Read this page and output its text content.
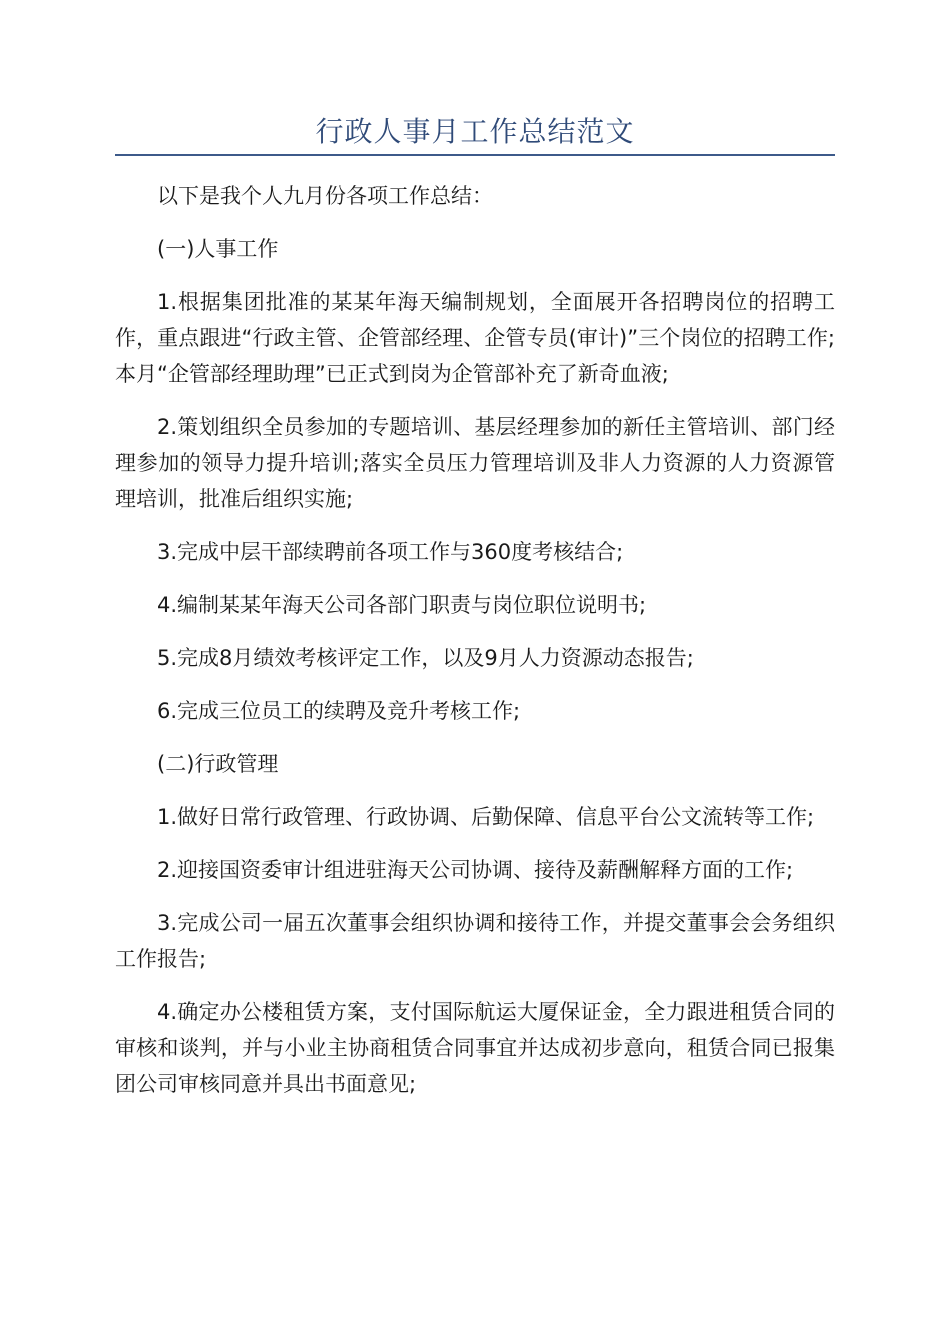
行政人事月工作总结范文

以下是我个人九月份各项工作总结：

(一)人事工作

1.根据集团批准的某某年海天编制规划，全面展开各招聘岗位的招聘工作，重点跟进“行政主管、企管部经理、企管专员(审计)”三个岗位的招聘工作;本月“企管部经理助理”已正式到岗为企管部补充了新奇血液;

2.策划组织全员参加的专题培训、基层经理参加的新任主管培训、部门经理参加的领导力提升培训;落实全员压力管理培训及非人力资源的人力资源管理培训，批准后组织实施;

3.完成中层干部续聘前各项工作与360度考核结合;

4.编制某某年海天公司各部门职责与岗位职位说明书;

5.完成8月绩效考核评定工作，以及9月人力资源动态报告;

6.完成三位员工的续聘及竞升考核工作;

(二)行政管理

1.做好日常行政管理、行政协调、后勤保障、信息平台公文流转等工作;

2.迎接国资委审计组进驻海天公司协调、接待及薪酬解释方面的工作;

3.完成公司一届五次董事会组织协调和接待工作，并提交董事会会务组织工作报告;

4.确定办公楼租赁方案，支付国际航运大厦保证金，全力跟进租赁合同的审核和谈判，并与小业主协商租赁合同事宜并达成初步意向，租赁合同已报集团公司审核同意并具出书面意见;
